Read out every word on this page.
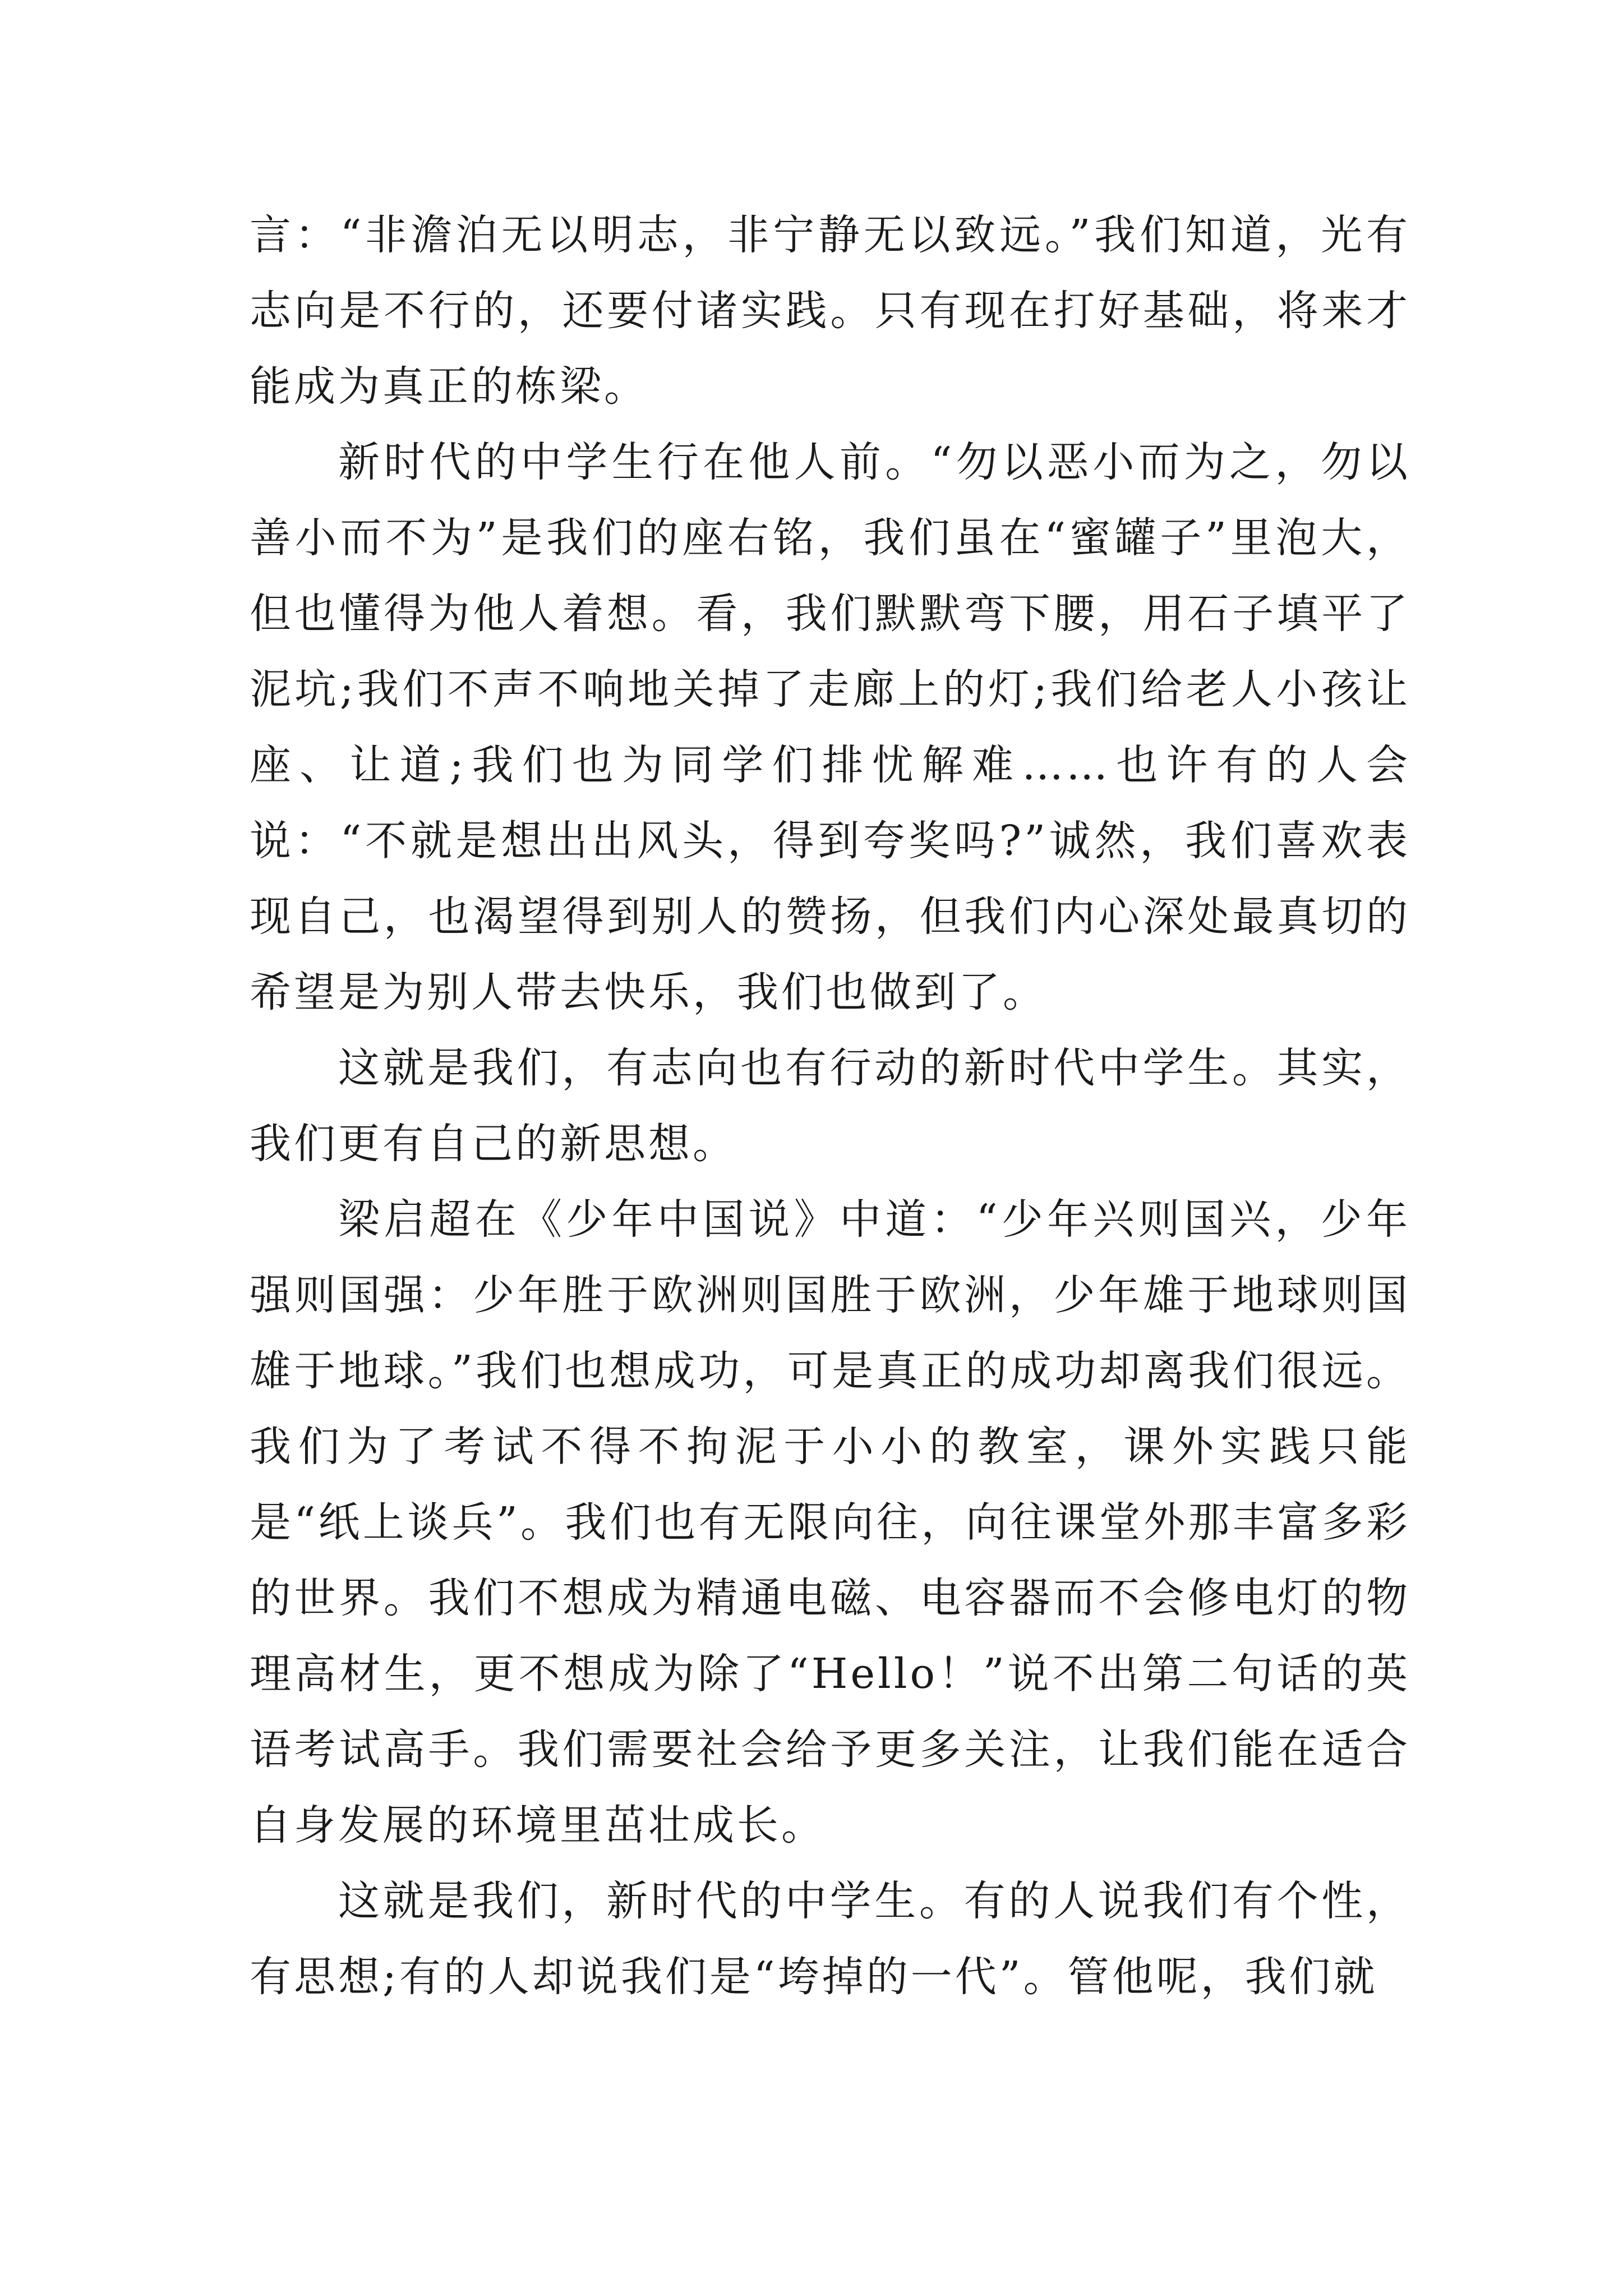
言：“非澹泊无以明志，非宁静无以致远。”我们知道，光有志向是不行的，还要付诸实践。只有现在打好基础，将来才能成为真正的栋梁。

新时代的中学生行在他人前。“勿以恶小而为之，勿以善小而不为”是我们的座右铭，我们虽在“蜜罐子”里泡大，但也懂得为他人着想。看，我们默默弯下腰，用石子填平了泥坑;我们不声不响地关掉了走廊上的灯;我们给老人小孩让座、让道;我们也为同学们排忧解难……也许有的人会说：“不就是想出出风头，得到夸奖吗?”诚然，我们喜欢表现自己，也渴望得到别人的赞扬，但我们内心深处最真切的希望是为别人带去快乐，我们也做到了。

这就是我们，有志向也有行动的新时代中学生。其实，我们更有自己的新思想。

梁启超在《少年中国说》中道：“少年兴则国兴，少年强则国强：少年胜于欧洲则国胜于欧洲，少年雄于地球则国雄于地球。”我们也想成功，可是真正的成功却离我们很远。我们为了考试不得不拘泥于小小的教室，课外实践只能是“纸上谈兵”。我们也有无限向往，向往课堂外那丰富多彩的世界。我们不想成为精通电磁、电容器而不会修电灯的物理高材生，更不想成为除了“Hello！”说不出第二句话的英语考试高手。我们需要社会给予更多关注，让我们能在适合自身发展的环境里茁壮成长。

这就是我们，新时代的中学生。有的人说我们有个性，有思想;有的人却说我们是“垮掉的一代”。管他呢，我们就
